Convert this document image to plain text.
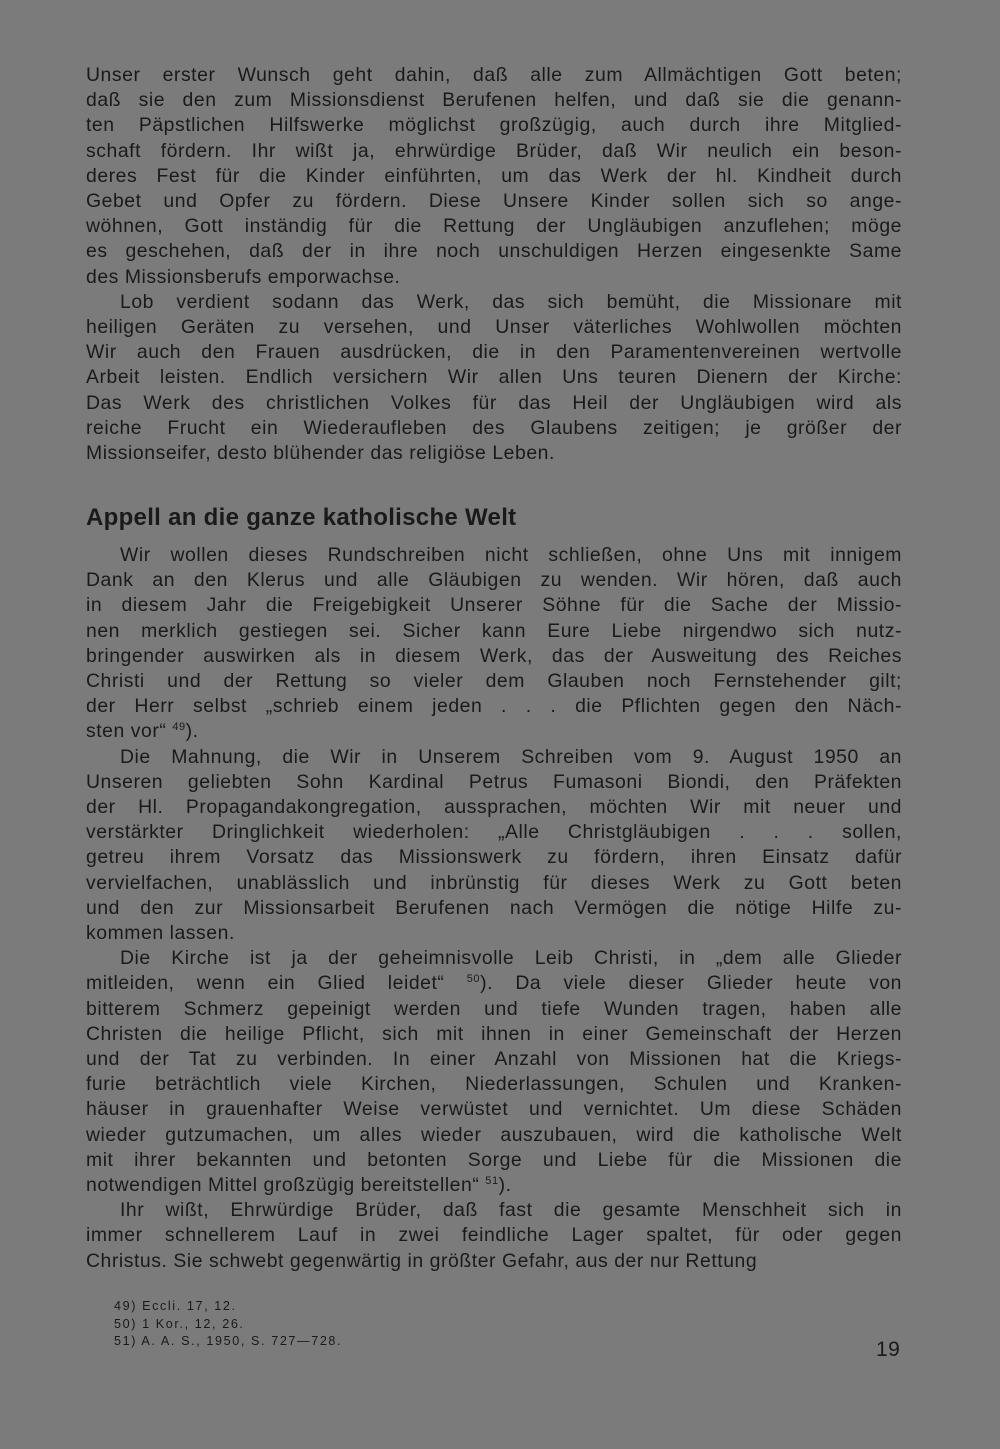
Unser erster Wunsch geht dahin, daß alle zum Allmächtigen Gott beten;
daß sie den zum Missionsdienst Berufenen helfen, und daß sie die genann-
ten Päpstlichen Hilfswerke möglichst großzügig, auch durch ihre Mitglied-
schaft fördern. Ihr wißt ja, ehrwürdige Brüder, daß Wir neulich ein beson-
deres Fest für die Kinder einführten, um das Werk der hl. Kindheit durch
Gebet und Opfer zu fördern. Diese Unsere Kinder sollen sich so ange-
wöhnen, Gott inständig für die Rettung der Ungläubigen anzuflehen; möge
es geschehen, daß der in ihre noch unschuldigen Herzen eingesenkte Same
des Missionsberufs emporwachse.
Lob verdient sodann das Werk, das sich bemüht, die Missionare mit
heiligen Geräten zu versehen, und Unser väterliches Wohlwollen möchten
Wir auch den Frauen ausdrücken, die in den Paramentenvereinen wertvolle
Arbeit leisten. Endlich versichern Wir allen Uns teuren Dienern der Kirche:
Das Werk des christlichen Volkes für das Heil der Ungläubigen wird als
reiche Frucht ein Wiederaufleben des Glaubens zeitigen; je größer der
Missionseifer, desto blühender das religiöse Leben.
Appell an die ganze katholische Welt
Wir wollen dieses Rundschreiben nicht schließen, ohne Uns mit innigem
Dank an den Klerus und alle Gläubigen zu wenden. Wir hören, daß auch
in diesem Jahr die Freigebigkeit Unserer Söhne für die Sache der Missio-
nen merklich gestiegen sei. Sicher kann Eure Liebe nirgendwo sich nutz-
bringender auswirken als in diesem Werk, das der Ausweitung des Reiches
Christi und der Rettung so vieler dem Glauben noch Fernstehender gilt;
der Herr selbst „schrieb einem jeden . . . die Pflichten gegen den Näch-
sten vor“ $^{49}$).
Die Mahnung, die Wir in Unserem Schreiben vom 9. August 1950 an
Unseren geliebten Sohn Kardinal Petrus Fumasoni Biondi, den Präfekten
der Hl. Propagandakongregation, aussprachen, möchten Wir mit neuer und
verstärkter Dringlichkeit wiederholen: „Alle Christgläubigen . . . sollen,
getreu ihrem Vorsatz das Missionswerk zu fördern, ihren Einsatz dafür
vervielfachen, unablässlich und inbrünstig für dieses Werk zu Gott beten
und den zur Missionsarbeit Berufenen nach Vermögen die nötige Hilfe zu-
kommen lassen.
Die Kirche ist ja der geheimnisvolle Leib Christi, in „dem alle Glieder
mitleiden, wenn ein Glied leidet“ $^{50}$). Da viele dieser Glieder heute von
bitterem Schmerz gepeinigt werden und tiefe Wunden tragen, haben alle
Christen die heilige Pflicht, sich mit ihnen in einer Gemeinschaft der Herzen
und der Tat zu verbinden. In einer Anzahl von Missionen hat die Kriegs-
furie beträchtlich viele Kirchen, Niederlassungen, Schulen und Kranken-
häuser in grauenhafter Weise verwüstet und vernichtet. Um diese Schäden
wieder gutzumachen, um alles wieder auszubauen, wird die katholische Welt
mit ihrer bekannten und betonten Sorge und Liebe für die Missionen die
notwendigen Mittel großzügig bereitstellen“ $^{51}$).
Ihr wißt, Ehrwürdige Brüder, daß fast die gesamte Menschheit sich in
immer schnellerem Lauf in zwei feindliche Lager spaltet, für oder gegen
Christus. Sie schwebt gegenwärtig in größter Gefahr, aus der nur Rettung
49) Eccli. 17, 12.
50) 1 Kor., 12, 26.
51) A. A. S., 1950, S. 727—728.	19
